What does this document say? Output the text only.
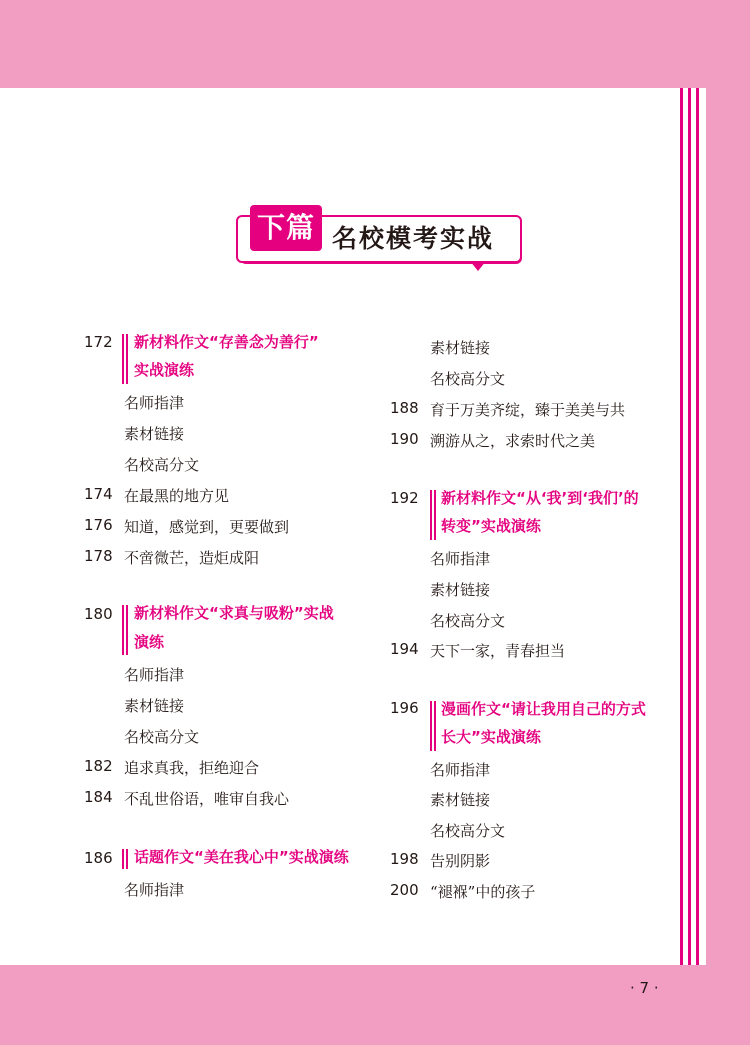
下篇 名校模考实战
172	新材料作文“存善念为善行”
实战演练
名师指津
素材链接
名校高分文
174 在最黑的地方见
176 知道，感觉到，更要做到
178 不啻微芒，造炬成阳
180	新材料作文“求真与吸粉”实战
演练
名师指津
素材链接
名校高分文
182 追求真我，拒绝迎合
184 不乱世俗语，唯审自我心
186	话题作文“美在我心中”实战演练
名师指津
素材链接
名校高分文
188 育于万美齐绽，臻于美美与共
190 溯游从之，求索时代之美
192	新材料作文“从‘我’到‘我们’的
转变”实战演练
名师指津
素材链接
名校高分文
194 天下一家，青春担当
196	漫画作文“请让我用自己的方式
长大”实战演练
名师指津
素材链接
名校高分文
198 告别阴影
200 “褪褓”中的孩子
· 7 ·
